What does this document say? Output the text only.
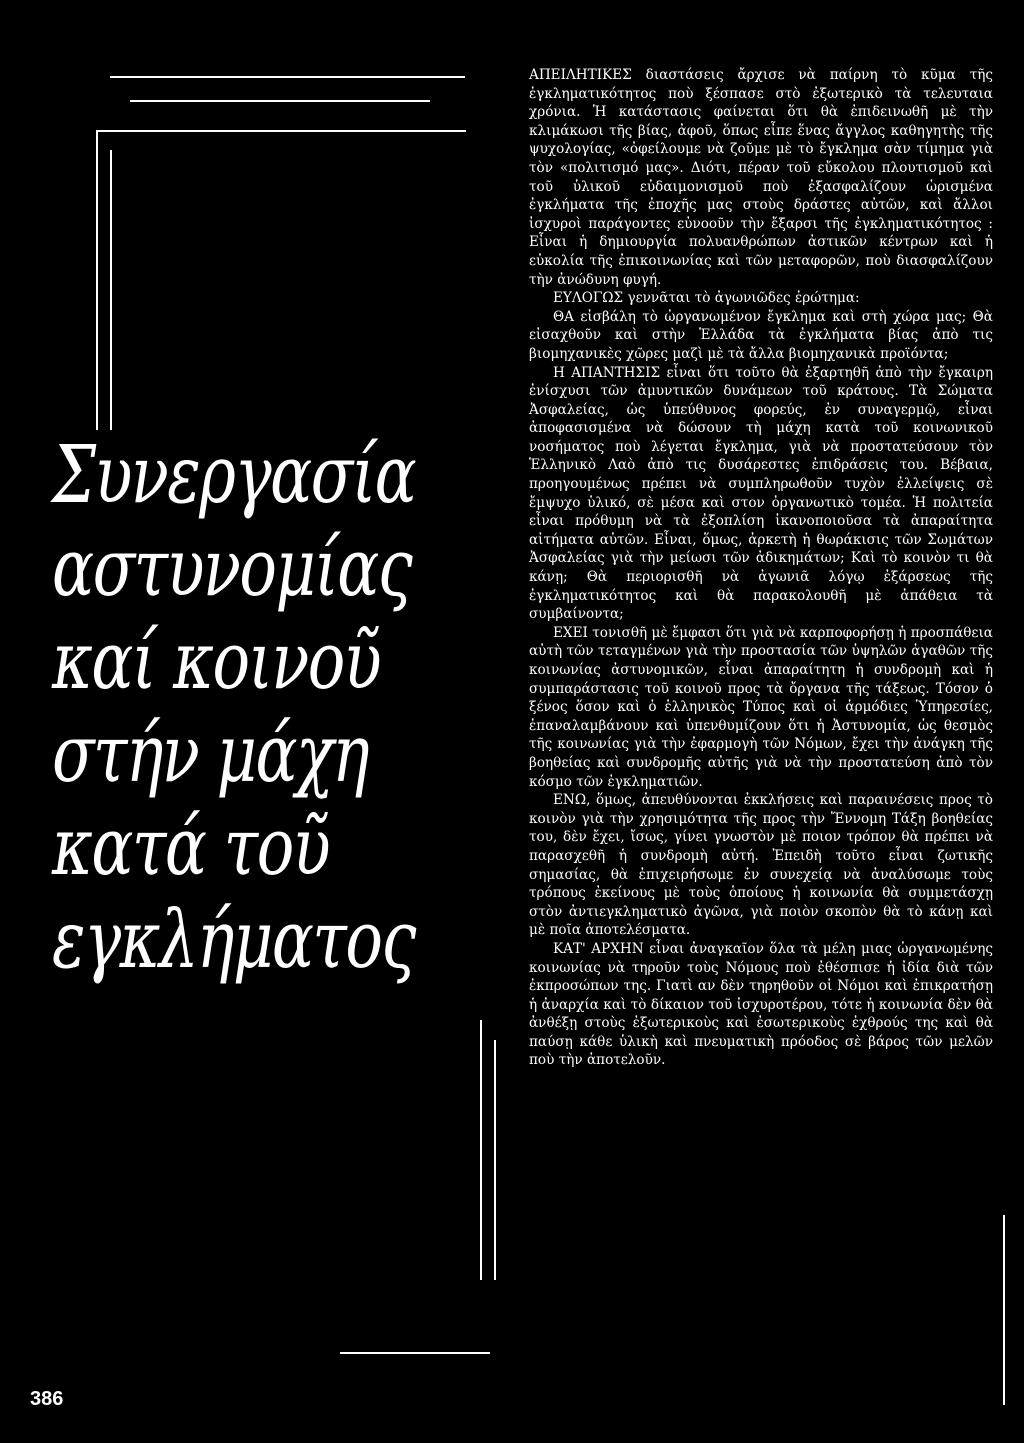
Συνεργασία
αστυνομίας
καί κοινοῦ
στήν μάχη
κατά τοῦ
εγκλήματος
386

ΑΠΕΙΛΗΤΙΚΕΣ διαστάσεις ἄρχισε νὰ παίρνη τὸ κῦμα τῆς ἐγκληματικότητος ποὺ ξέσπασε στὸ ἐξωτερικὸ τὰ τελευταια χρόνια. Ἡ κατάστασις φαίνεται ὅτι θὰ ἐπιδεινωθῆ μὲ τὴν κλιμάκωσι τῆς βίας, ἀφοῦ, ὅπως εἶπε ἕνας ἄγγλος καθηγητὴς τῆς ψυχολογίας, «ὀφείλουμε νὰ ζοῦμε μὲ τὸ ἔγκλημα σὰν τίμημα γιὰ τὸν «πολιτισμό μας». Διότι, πέραν τοῦ εὔκολου πλουτισμοῦ καὶ τοῦ ὑλικοῦ εὐδαιμονισμοῦ ποὺ ἐξασφαλίζουν ὡρισμένα ἐγκλήματα τῆς ἐποχῆς μας στοὺς δράστες αὐτῶν, καὶ ἄλλοι ἰσχυροὶ παράγοντες εὐνοοῦν τὴν ἔξαρσι τῆς ἐγκληματικότητος : Εἶναι ἡ δημιουργία πολυανθρώπων ἀστικῶν κέντρων καὶ ἡ εὐκολία τῆς ἐπικοινωνίας καὶ τῶν μεταφορῶν, ποὺ διασφαλίζουν τὴν ἀνώδυνη φυγή.

ΕΥΛΟΓΩΣ γεννᾶται τὸ ἀγωνιῶδες ἐρώτημα:

ΘΑ εἰσβάλη τὸ ὠργανωμένον ἔγκλημα καὶ στὴ χώρα μας; Θὰ εἰσαχθοῦν καὶ στὴν Ἑλλάδα τὰ ἐγκλήματα βίας ἀπὸ τις βιομηχανικὲς χῶρες μαζὶ μὲ τὰ ἄλλα βιομηχανικὰ προϊόντα;

Η ΑΠΑΝΤΗΣΙΣ εἶναι ὅτι τοῦτο θὰ ἐξαρτηθῆ ἀπὸ τὴν ἔγκαιρη ἐνίσχυσι τῶν ἀμυντικῶν δυνάμεων τοῦ κράτους. Τὰ Σώματα Ἀσφαλείας, ὡς ὑπεύθυνος φορεύς, ἐν συναγερμῷ, εἶναι ἀποφασισμένα νὰ δώσουν τὴ μάχη κατὰ τοῦ κοινωνικοῦ νοσήματος ποὺ λέγεται ἔγκλημα, γιὰ νὰ προστατεύσουν τὸν Ἑλληνικὸ Λαὸ ἀπὸ τις δυσάρεστες ἐπιδράσεις του. Βέβαια, προηγουμένως πρέπει νὰ συμπληρωθοῦν τυχὸν ἐλλείψεις σὲ ἔμψυχο ὑλικό, σὲ μέσα καὶ στον ὀργανωτικὸ τομέα. Ἡ πολιτεία εἶναι πρόθυμη νὰ τὰ ἐξοπλίση ἱκανοποιοῦσα τὰ ἀπαραίτητα αἰτήματα αὐτῶν. Εἶναι, ὅμως, ἀρκετὴ ἡ θωράκισις τῶν Σωμάτων Ἀσφαλείας γιὰ τὴν μείωσι τῶν ἀδικημάτων; Καὶ τὸ κοινὸν τι θὰ κάνῃ; Θὰ περιορισθῆ νὰ ἀγωνιᾶ λόγῳ ἐξάρσεως τῆς ἐγκληματικότητος καὶ θὰ παρακολουθῆ μὲ ἀπάθεια τὰ συμβαίνοντα;

ΕΧΕΙ τονισθῆ μὲ ἔμφασι ὅτι γιὰ νὰ καρποφορήσῃ ἡ προσπάθεια αὐτὴ τῶν τεταγμένων γιὰ τὴν προστασία τῶν ὑψηλῶν ἀγαθῶν τῆς κοινωνίας ἀστυνομικῶν, εἶναι ἀπαραίτητη ἡ συνδρομὴ καὶ ἡ συμπαράστασις τοῦ κοινοῦ προς τὰ ὄργανα τῆς τάξεως. Τόσον ὁ ξένος ὅσον καὶ ὁ ἑλληνικὸς Τύπος καὶ οἱ ἁρμόδιες Ὑπηρεσίες, ἐπαναλαμβάνουν καὶ ὑπενθυμίζουν ὅτι ἡ Ἀστυνομία, ὡς θεσμὸς τῆς κοινωνίας γιὰ τὴν ἐφαρμογὴ τῶν Νόμων, ἔχει τὴν ἀνάγκη τῆς βοηθείας καὶ συνδρομῆς αὐτῆς γιὰ νὰ τὴν προστατεύση ἀπὸ τὸν κόσμο τῶν ἐγκληματιῶν.

ΕΝΩ, ὅμως, ἀπευθύνονται ἐκκλήσεις καὶ παραινέσεις προς τὸ κοινὸν γιὰ τὴν χρησιμότητα τῆς προς τὴν Ἔννομη Τάξη βοηθείας του, δὲν ἔχει, ἴσως, γίνει γνωστὸν μὲ ποιον τρόπον θὰ πρέπει νὰ παρασχεθῆ ἡ συνδρομὴ αὐτή. Ἐπειδὴ τοῦτο εἶναι ζωτικῆς σημασίας, θὰ ἐπιχειρήσωμε ἐν συνεχείᾳ νὰ ἀναλύσωμε τοὺς τρόπους ἐκείνους μὲ τοὺς ὁποίους ἡ κοινωνία θὰ συμμετάσχῃ στὸν ἀντιεγκληματικὸ ἀγῶνα, γιὰ ποιὸν σκοπὸν θὰ τὸ κάνῃ καὶ μὲ ποῖα ἀποτελέσματα.

ΚΑΤ' ΑΡΧΗΝ εἶναι ἀναγκαῖον ὅλα τὰ μέλη μιας ὠργανωμένης κοινωνίας νὰ τηροῦν τοὺς Νόμους ποὺ ἐθέσπισε ἡ ἰδία διὰ τῶν ἐκπροσώπων της. Γιατὶ αν δὲν τηρηθοῦν οἱ Νόμοι καὶ ἐπικρατήσῃ ἡ ἀναρχία καὶ τὸ δίκαιον τοῦ ἰσχυροτέρου, τότε ἡ κοινωνία δὲν θὰ ἀνθέξῃ στοὺς ἐξωτερικοὺς καὶ ἐσωτερικοὺς ἐχθρούς της καὶ θὰ παύσῃ κάθε ὑλικὴ καὶ πνευματικὴ πρόοδος σὲ βάρος τῶν μελῶν ποὺ τὴν ἀποτελοῦν.
